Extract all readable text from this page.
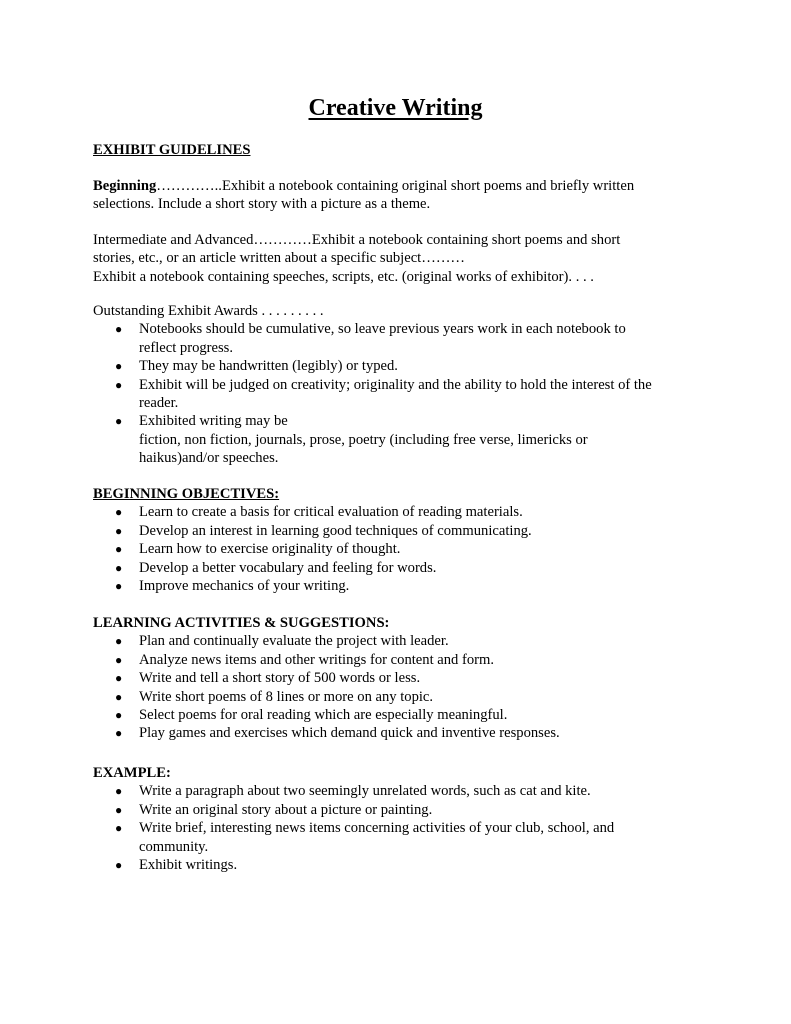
Creative Writing

EXHIBIT GUIDELINES

Beginning…………..Exhibit a notebook containing original short poems and briefly written

selections. Include a short story with a picture as a theme.

Intermediate and Advanced…………Exhibit a notebook containing short poems and short

stories, etc., or an article written about a specific subject………

Exhibit a notebook containing speeches, scripts, etc. (original works of exhibitor). . . .

Outstanding Exhibit Awards . . . . . . . . .

● Notebooks should be cumulative, so leave previous years work in each notebook to
reflect progress.
● They may be handwritten (legibly) or typed.
● Exhibit will be judged on creativity; originality and the ability to hold the interest of the
reader.
● Exhibited writing may be
fiction, non fiction, journals, prose, poetry (including free verse, limericks or
haikus)and/or speeches.

BEGINNING OBJECTIVES:

● Learn to create a basis for critical evaluation of reading materials.
● Develop an interest in learning good techniques of communicating.
● Learn how to exercise originality of thought.
● Develop a better vocabulary and feeling for words.
● Improve mechanics of your writing.

LEARNING ACTIVITIES & SUGGESTIONS:

● Plan and continually evaluate the project with leader.
● Analyze news items and other writings for content and form.
● Write and tell a short story of 500 words or less.
● Write short poems of 8 lines or more on any topic.
● Select poems for oral reading which are especially meaningful.
● Play games and exercises which demand quick and inventive responses.

EXAMPLE:

● Write a paragraph about two seemingly unrelated words, such as cat and kite.
● Write an original story about a picture or painting.
● Write brief, interesting news items concerning activities of your club, school, and
community.
● Exhibit writings.
